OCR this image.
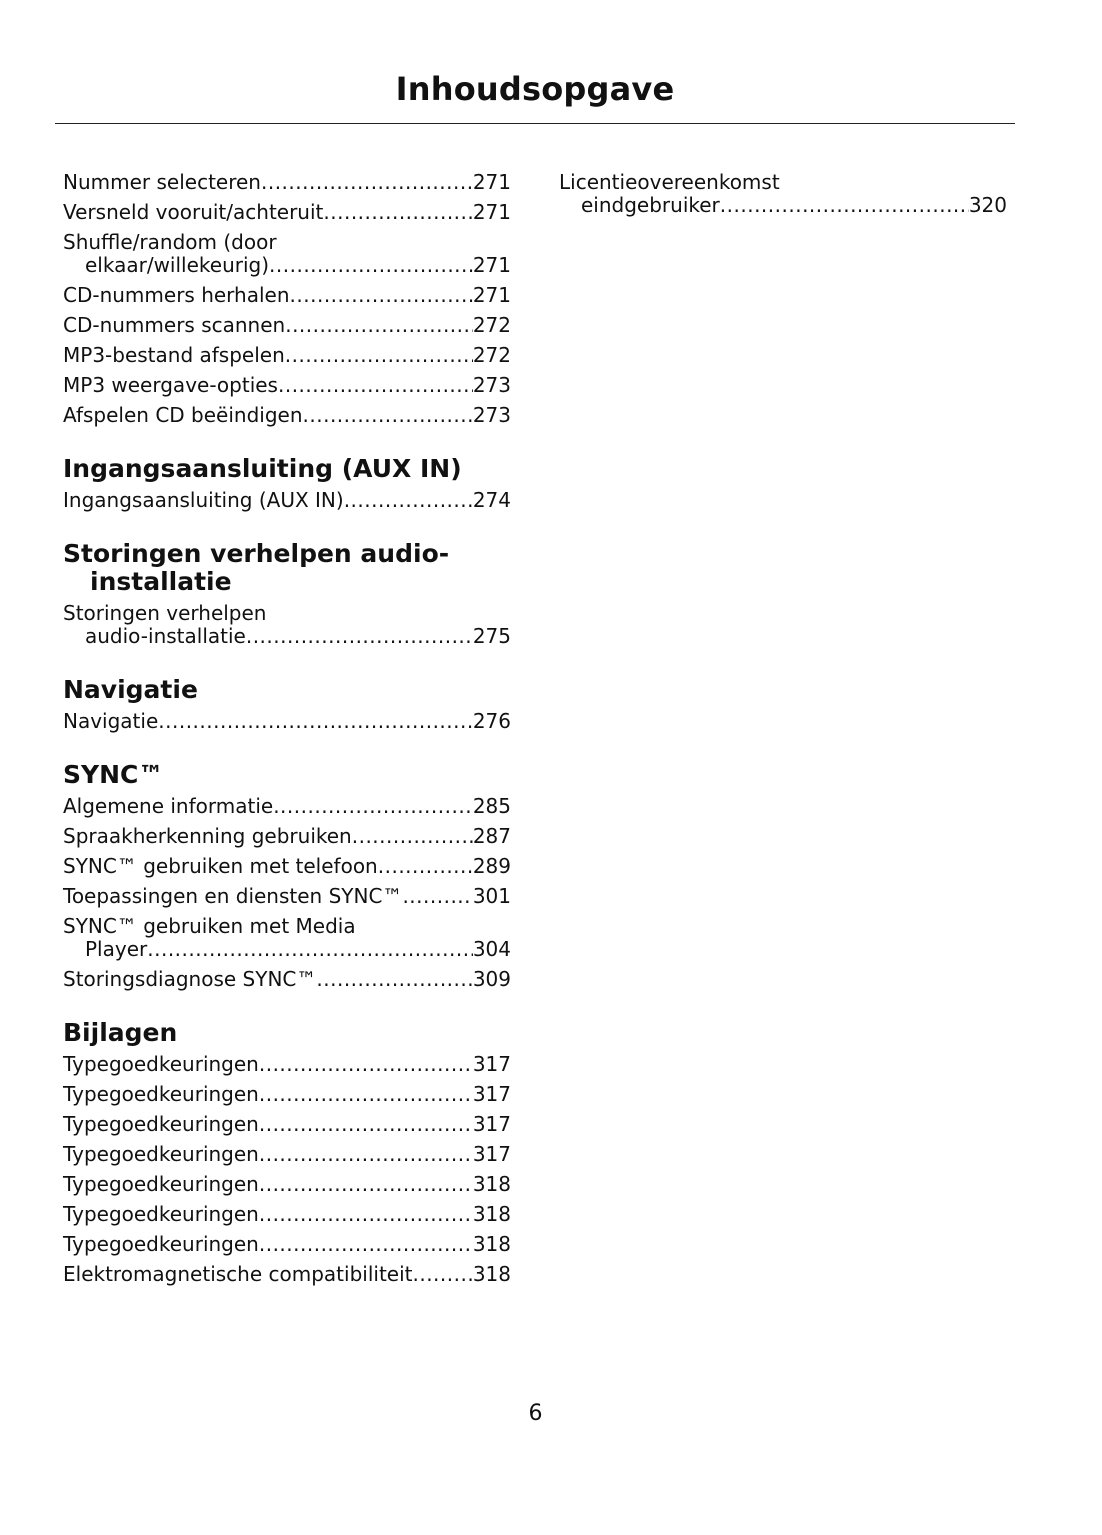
Inhoudsopgave
Nummer selecteren .....	271
Versneld vooruit/achteruit .....	271
Shuffle/random (door
elkaar/willekeurig) .....	271
CD-nummers herhalen .....	271
CD-nummers scannen .....	272
MP3-bestand afspelen .....	272
MP3 weergave-opties .....	273
Afspelen CD beëindigen .....	273
Ingangsaansluiting (AUX IN)
Ingangsaansluiting (AUX IN) .....	274
Storingen verhelpen audio-installatie
Storingen verhelpen
audio-installatie .....	275
Navigatie
Navigatie .....	276
SYNC™
Algemene informatie .....	285
Spraakherkenning gebruiken .....	287
SYNC™ gebruiken met telefoon .....	289
Toepassingen en diensten SYNC™ .....	301
SYNC™ gebruiken met Media
Player .....	304
Storingsdiagnose SYNC™ .....	309
Bijlagen
Typegoedkeuringen .....	317
Typegoedkeuringen .....	317
Typegoedkeuringen .....	317
Typegoedkeuringen .....	317
Typegoedkeuringen .....	318
Typegoedkeuringen .....	318
Typegoedkeuringen .....	318
Elektromagnetische compatibiliteit .....	318
Licentieovereenkomst
eindgebruiker .....	320
6
